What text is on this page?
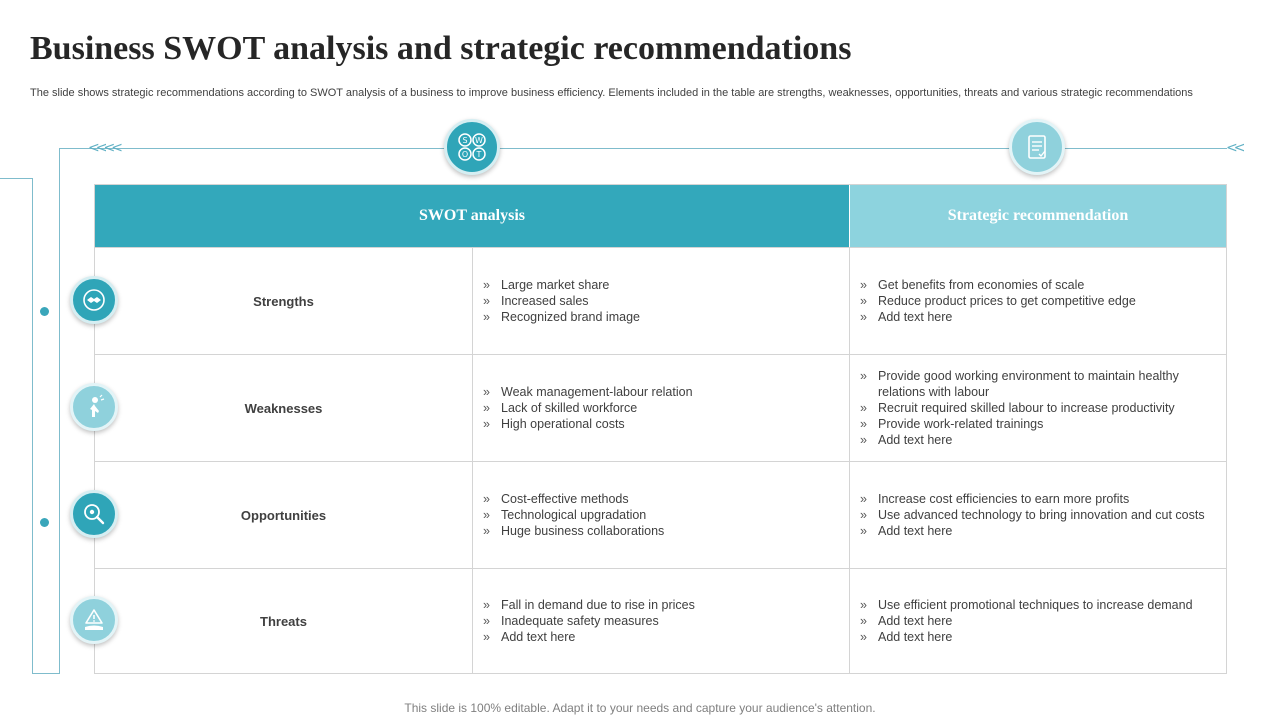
Business SWOT analysis and strategic recommendations

The slide shows strategic recommendations according to SWOT analysis of a business to improve business efficiency. Elements included in the table are strengths, weaknesses, opportunities, threats and various strategic recommendations

<<<<	<<
S W
O T
SWOT analysis	Strategic recommendation
Strengths
» Large market share
» Increased sales
» Recognized brand image
» Get benefits from economies of scale
» Reduce product prices to get competitive edge
» Add text here
Weaknesses
» Weak management-labour relation
» Lack of skilled workforce
» High operational costs
» Provide good working environment to maintain healthy relations with labour
» Recruit required skilled labour to increase productivity
» Provide work-related trainings
» Add text here
Opportunities
» Cost-effective methods
» Technological upgradation
» Huge business collaborations
» Increase cost efficiencies to earn more profits
» Use advanced technology to bring innovation and cut costs
» Add text here
Threats
» Fall in demand due to rise in prices
» Inadequate safety measures
» Add text here
» Use efficient promotional techniques to increase demand
» Add text here
» Add text here
This slide is 100% editable. Adapt it to your needs and capture your audience's attention.
